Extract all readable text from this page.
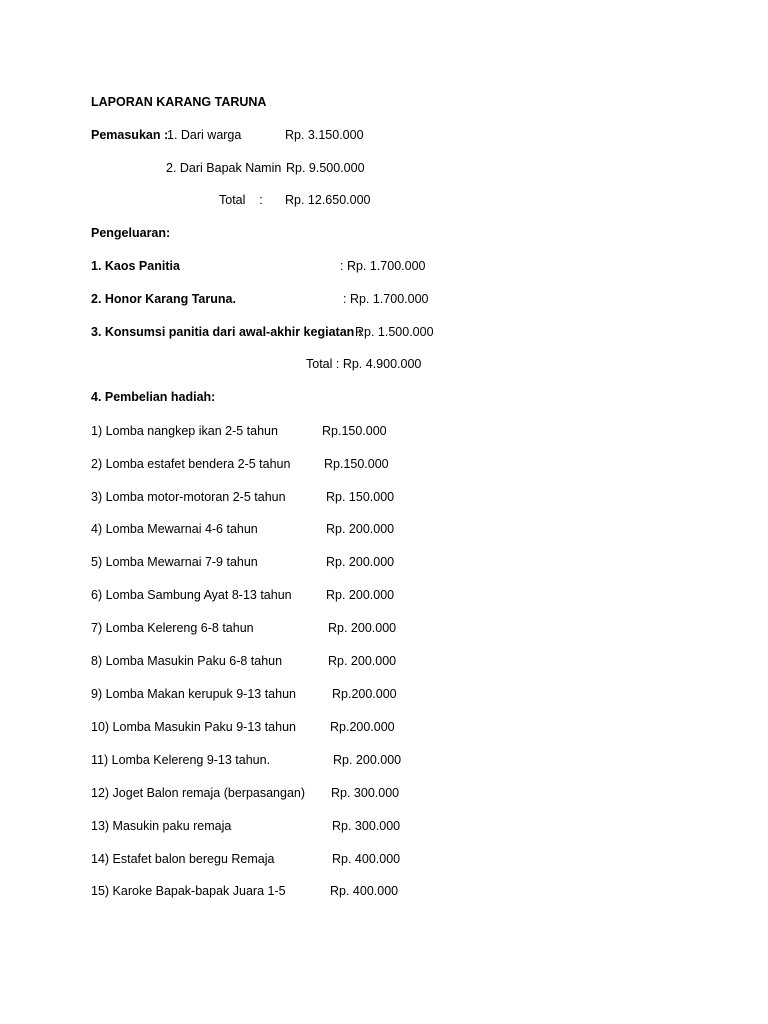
LAPORAN KARANG TARUNA
Pemasukan :
1. Dari warga	Rp. 3.150.000
2. Dari Bapak Namin Rp. 9.500.000
Total    : Rp. 12.650.000
Pengeluaran:
1. Kaos Panitia	: Rp. 1.700.000
2. Honor Karang Taruna.	: Rp. 1.700.000
3. Konsumsi panitia dari awal-akhir kegiatan :
Rp. 1.500.000
Total : Rp. 4.900.000
4. Pembelian hadiah:
1) Lomba nangkep ikan 2-5 tahun	Rp.150.000
2) Lomba estafet bendera 2-5 tahun	Rp.150.000
3) Lomba motor-motoran 2-5 tahun	Rp. 150.000
4) Lomba Mewarnai 4-6 tahun	Rp. 200.000
5) Lomba Mewarnai 7-9 tahun	Rp. 200.000
6) Lomba Sambung Ayat 8-13 tahun	Rp. 200.000
7) Lomba Kelereng 6-8 tahun	Rp. 200.000
8) Lomba Masukin Paku 6-8 tahun	Rp. 200.000
9) Lomba Makan kerupuk 9-13 tahun	Rp.200.000
10) Lomba Masukin Paku 9-13 tahun	Rp.200.000
11) Lomba Kelereng 9-13 tahun.	Rp. 200.000
12) Joget Balon remaja (berpasangan) Rp. 300.000
13) Masukin paku remaja	Rp. 300.000
14) Estafet balon beregu Remaja	Rp. 400.000
15) Karoke Bapak-bapak Juara 1-5	Rp. 400.000
